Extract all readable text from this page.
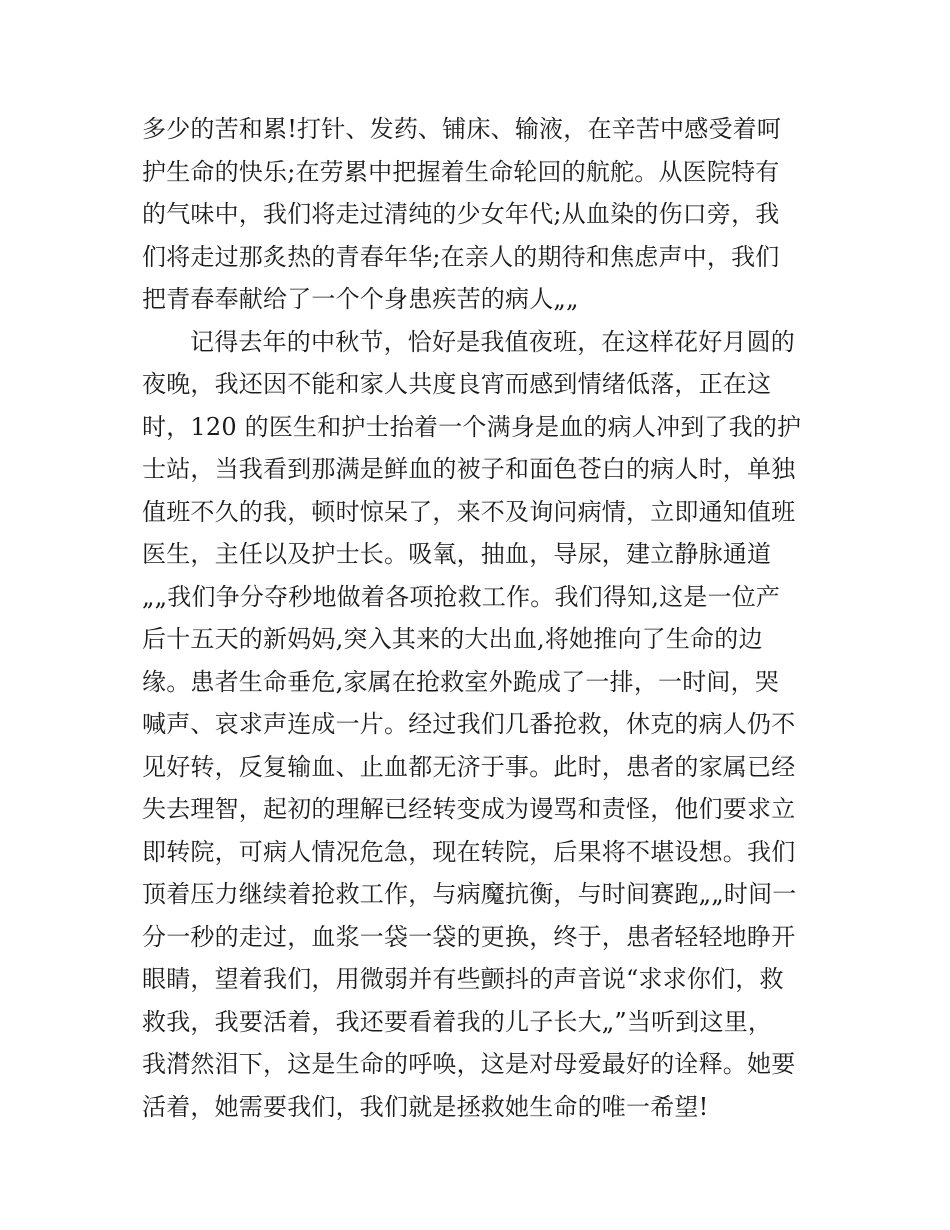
多少的苦和累!打针、发药、铺床、输液，在辛苦中感受着呵
护生命的快乐;在劳累中把握着生命轮回的航舵。从医院特有
的气味中，我们将走过清纯的少女年代;从血染的伤口旁，我
们将走过那炙热的青春年华;在亲人的期待和焦虑声中，我们
把青春奉献给了一个个身患疾苦的病人„„
记得去年的中秋节，恰好是我值夜班，在这样花好月圆的
夜晚，我还因不能和家人共度良宵而感到情绪低落，正在这
时，120 的医生和护士抬着一个满身是血的病人冲到了我的护
士站，当我看到那满是鲜血的被子和面色苍白的病人时，单独
值班不久的我，顿时惊呆了，来不及询问病情，立即通知值班
医生，主任以及护士长。吸氧，抽血，导尿，建立静脉通道
„„我们争分夺秒地做着各项抢救工作。我们得知,这是一位产
后十五天的新妈妈,突入其来的大出血,将她推向了生命的边
缘。患者生命垂危,家属在抢救室外跪成了一排，一时间，哭
喊声、哀求声连成一片。经过我们几番抢救，休克的病人仍不
见好转，反复输血、止血都无济于事。此时，患者的家属已经
失去理智，起初的理解已经转变成为谩骂和责怪，他们要求立
即转院，可病人情况危急，现在转院，后果将不堪设想。我们
顶着压力继续着抢救工作，与病魔抗衡，与时间赛跑„„时间一
分一秒的走过，血浆一袋一袋的更换，终于，患者轻轻地睁开
眼睛，望着我们，用微弱并有些颤抖的声音说“求求你们，救
救我，我要活着，我还要看着我的儿子长大„”当听到这里，
我潸然泪下，这是生命的呼唤，这是对母爱最好的诠释。她要
活着，她需要我们，我们就是拯救她生命的唯一希望!
